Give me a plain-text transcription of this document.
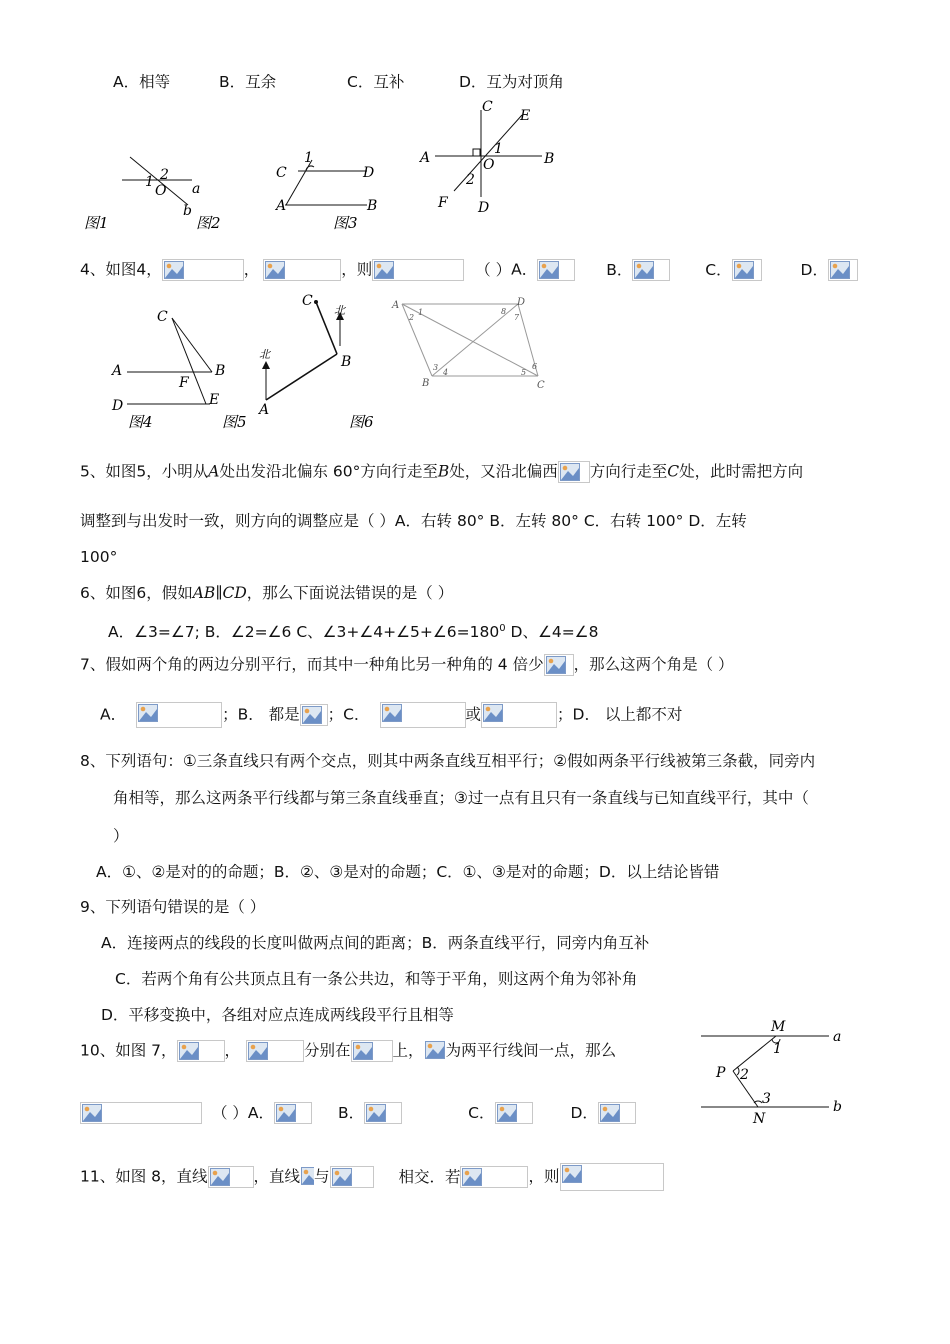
A．相等	B．互余	C．互补	D．互为对顶角
1 2
O a
b
图1	图2
1
C	D
A	B
图3
C
E
A	O
1
B
2
F D
4、如图4，	，	，则	（ ）A．	B．	C．	D．
C
A
F
B
D	E
图4
北
北
C
B
A
图5
A	D
B	C
1
2
3
4	5
6
7
8
图6
5、如图5，小明从A处出发沿北偏东 60°方向行走至B处，又沿北偏西 方向行走至C处，此时需把方向
调整到与出发时一致，则方向的调整应是（ ）A．右转 80° B．左转 80° C．右转 100° D．左转
100°
6、如图6，假如AB∥CD，那么下面说法错误的是（ ）
A．∠3=∠7; B．∠2=∠6 C、$\angle 3+\angle 4+\angle 5+\angle 6=180^0$ D、∠4=∠8
7、假如两个角的两边分别平行，而其中一种角比另一种角的 4 倍少 ，那么这两个角是（ ）
A．	；B． 都是 ；C．	或	；D． 以上都不对
8、下列语句：①三条直线只有两个交点，则其中两条直线互相平行；②假如两条平行线被第三条截，同旁内
角相等，那么这两条平行线都与第三条直线垂直；③过一点有且只有一条直线与已知直线平行，其中（
）
A．①、②是对的的命题；B．②、③是对的命题；C．①、③是对的命题；D．以上结论皆错
9、下列语句错误的是（ ）
A．连接两点的线段的长度叫做两点间的距离；B．两条直线平行，同旁内角互补
C．若两个角有公共顶点且有一条公共边，和等于平角，则这两个角为邻补角
D．平移变换中，各组对应点连成两线段平行且相等
10、如图 7，	，	分别在	上， 为两平行线间一点，那么
（ ）A．	B．	C．	D．
M
a
1
P 2
3	b
N
11、如图 8，直线	，直线 与	相交．若	，则
